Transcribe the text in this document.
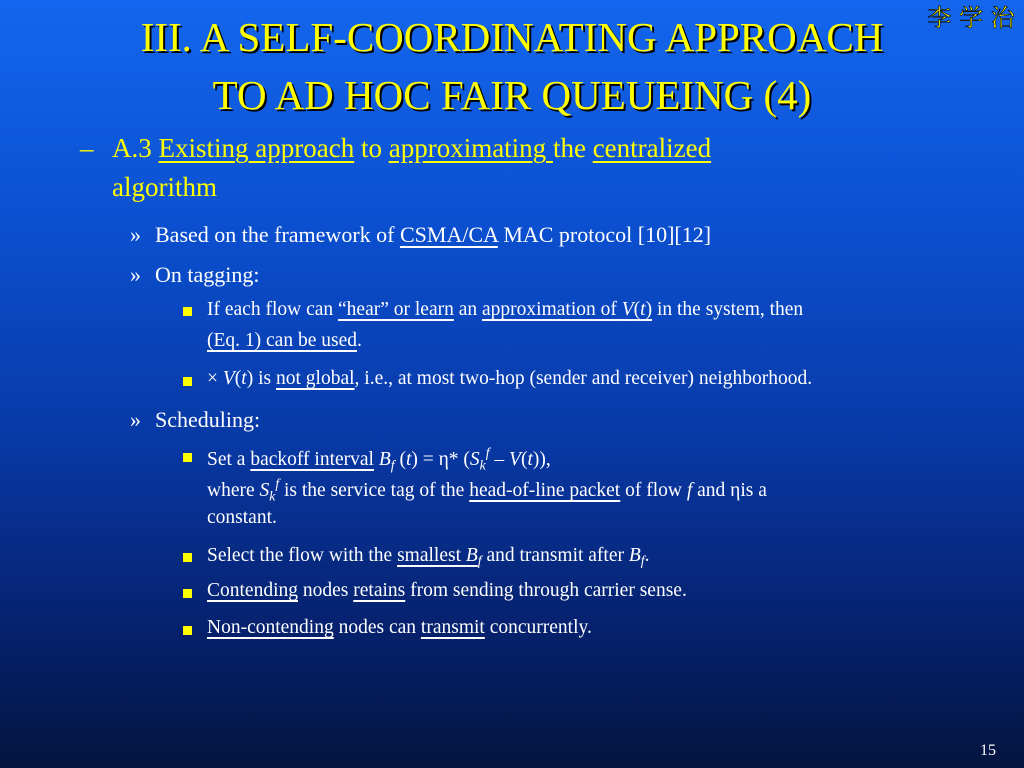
III. A SELF-COORDINATING APPROACH
TO AD HOC FAIR QUEUEING (4)
李 学 治
– A.3 Existing approach to approximating the centralized
algorithm
» Based on the framework of CSMA/CA MAC protocol [10][12]
» On tagging:
If each flow can “hear” or learn an approximation of V(t) in the system, then
(Eq. 1) can be used.
× V(t) is not global, i.e., at most two-hop (sender and receiver) neighborhood.
» Scheduling:
Set a backoff interval $B_f$ (t) = η* $(S_k^f - V(t))$,
where $S_k^f$ is the service tag of the head-of-line packet of flow f and ηis a
constant.
Select the flow with the smallest $B_f$ and transmit after $B_f$.
Contending nodes retains from sending through carrier sense.
Non-contending nodes can transmit concurrently.
15
